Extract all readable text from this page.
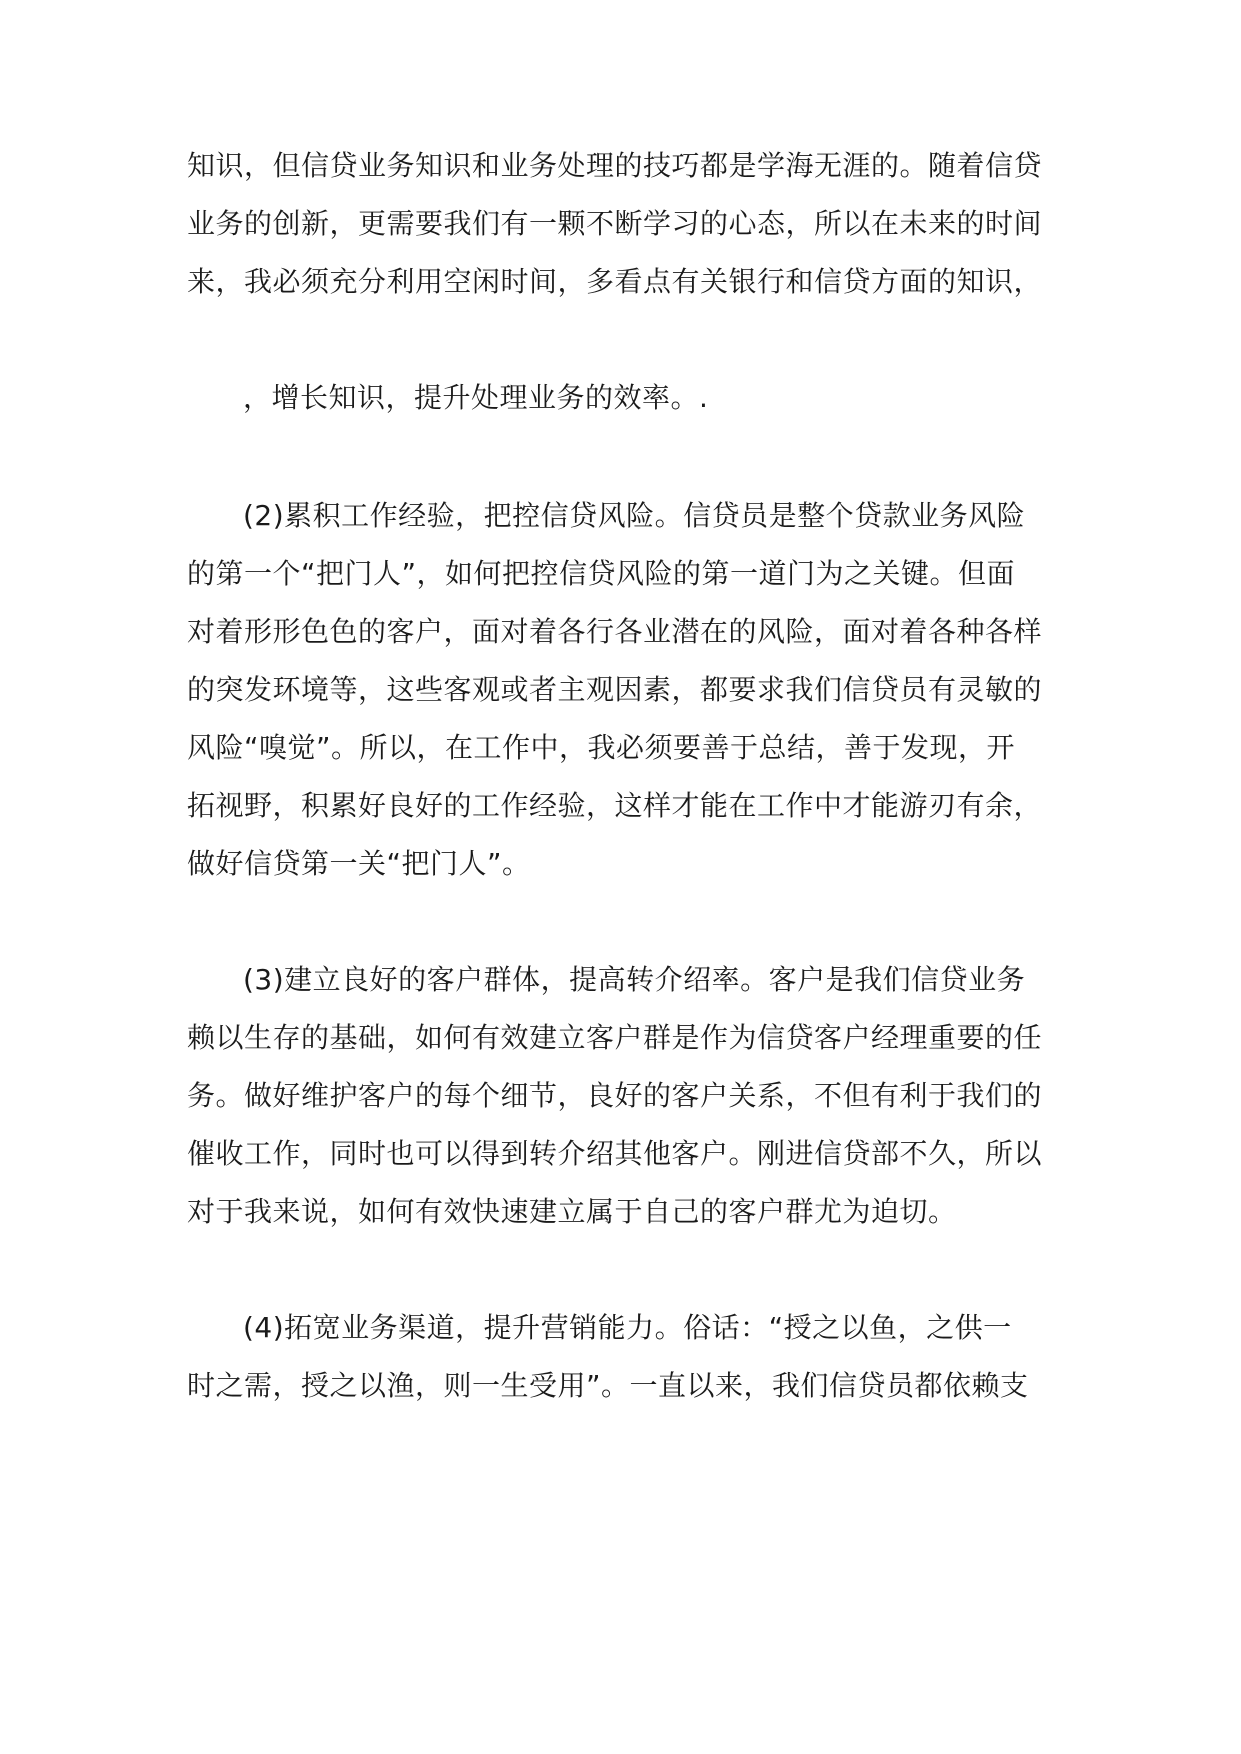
知识，但信贷业务知识和业务处理的技巧都是学海无涯的。随着信贷
业务的创新，更需要我们有一颗不断学习的心态，所以在未来的时间
来，我必须充分利用空闲时间，多看点有关银行和信贷方面的知识，
，增长知识，提升处理业务的效率。.
(2)累积工作经验，把控信贷风险。信贷员是整个贷款业务风险
的第一个“把门人”，如何把控信贷风险的第一道门为之关键。但面
对着形形色色的客户，面对着各行各业潜在的风险，面对着各种各样
的突发环境等，这些客观或者主观因素，都要求我们信贷员有灵敏的
风险“嗅觉”。所以，在工作中，我必须要善于总结，善于发现，开
拓视野，积累好良好的工作经验，这样才能在工作中才能游刃有余，
做好信贷第一关“把门人”。
(3)建立良好的客户群体，提高转介绍率。客户是我们信贷业务
赖以生存的基础，如何有效建立客户群是作为信贷客户经理重要的任
务。做好维护客户的每个细节，良好的客户关系，不但有利于我们的
催收工作，同时也可以得到转介绍其他客户。刚进信贷部不久，所以
对于我来说，如何有效快速建立属于自己的客户群尤为迫切。
(4)拓宽业务渠道，提升营销能力。俗话：“授之以鱼，之供一
时之需，授之以渔，则一生受用”。一直以来，我们信贷员都依赖支
